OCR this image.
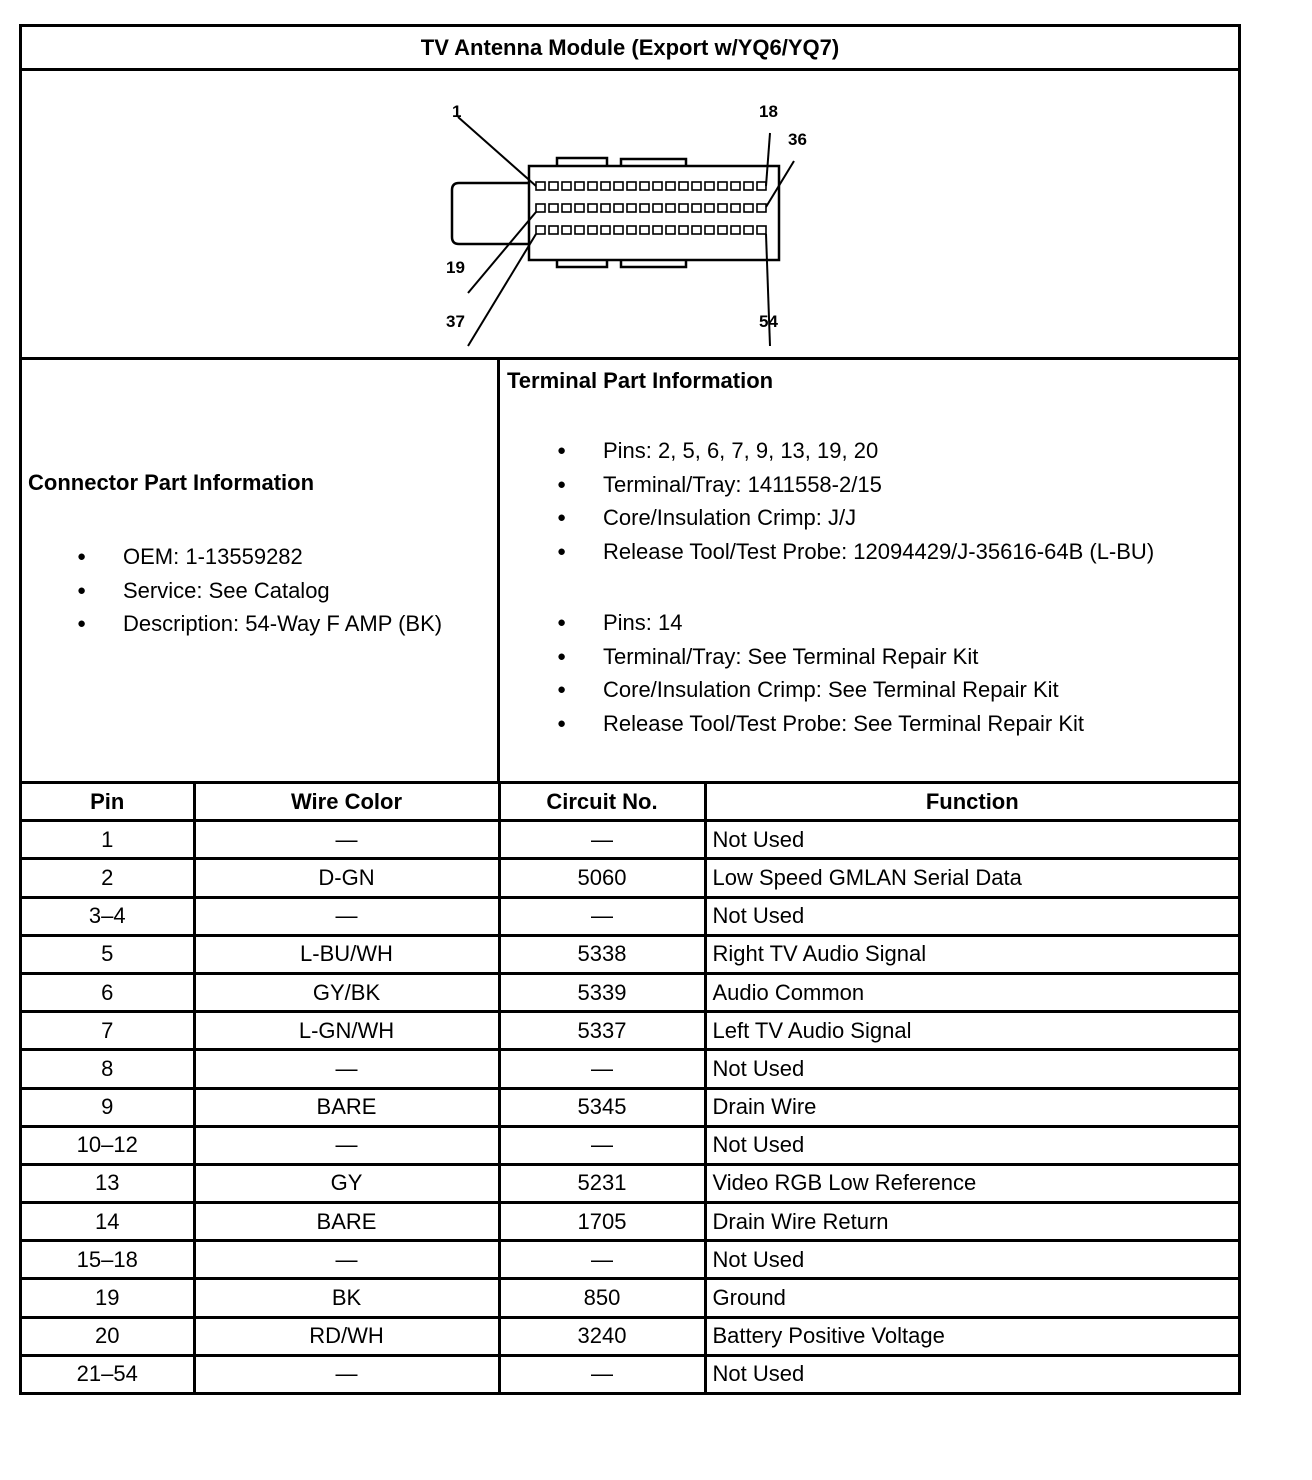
TV Antenna Module (Export w/YQ6/YQ7)
1	18
36
19
37	54
Connector Part Information
● OEM: 1-13559282
● Service: See Catalog
● Description: 54-Way F AMP (BK)
Terminal Part Information
● Pins: 2, 5, 6, 7, 9, 13, 19, 20
● Terminal/Tray: 1411558-2/15
● Core/Insulation Crimp: J/J
● Release Tool/Test Probe: 12094429/J-35616-64B (L-BU)
● Pins: 14
● Terminal/Tray: See Terminal Repair Kit
● Core/Insulation Crimp: See Terminal Repair Kit
● Release Tool/Test Probe: See Terminal Repair Kit
Pin	Wire Color	Circuit No.	Function
1	—	—	Not Used
2	D-GN	5060	Low Speed GMLAN Serial Data
3–4	—	—	Not Used
5	L-BU/WH	5338	Right TV Audio Signal
6	GY/BK	5339	Audio Common
7	L-GN/WH	5337	Left TV Audio Signal
8	—	—	Not Used
9	BARE	5345	Drain Wire
10–12	—	—	Not Used
13	GY	5231	Video RGB Low Reference
14	BARE	1705	Drain Wire Return
15–18	—	—	Not Used
19	BK	850	Ground
20	RD/WH	3240	Battery Positive Voltage
21–54	—	—	Not Used
